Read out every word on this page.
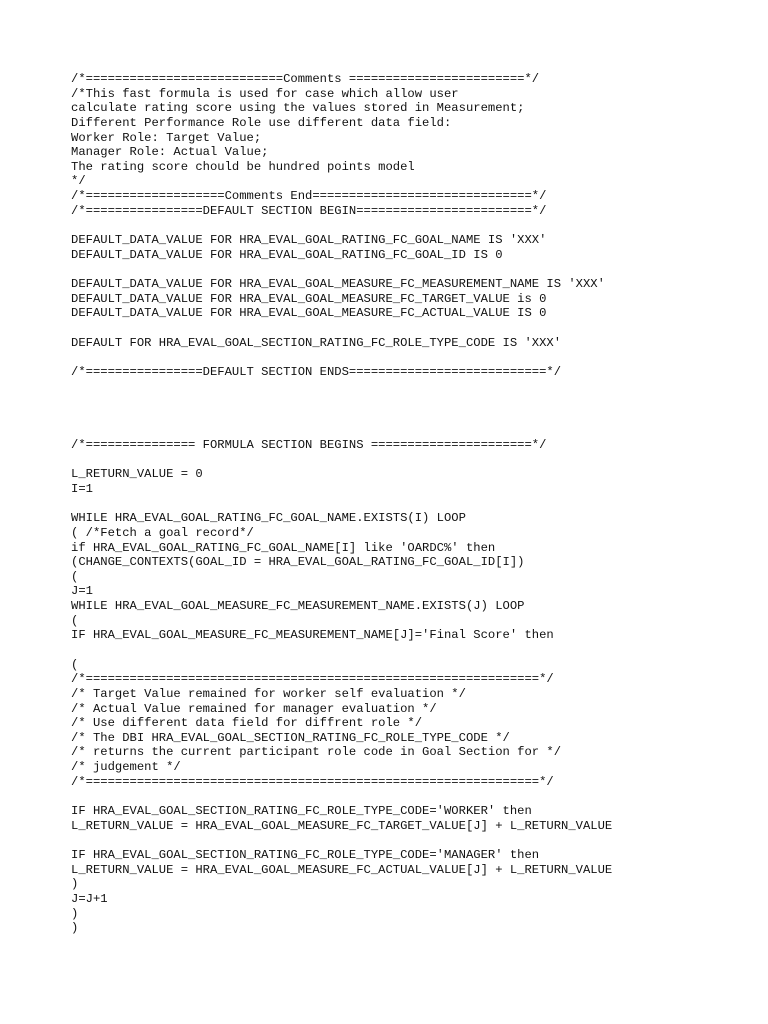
/*===========================Comments ========================*/
/*This fast formula is used for case which allow user
calculate rating score using the values stored in Measurement;
Different Performance Role use different data field:
Worker Role: Target Value;
Manager Role: Actual Value;
The rating score chould be hundred points model
*/
/*===================Comments End==============================*/
/*================DEFAULT SECTION BEGIN========================*/
DEFAULT_DATA_VALUE FOR HRA_EVAL_GOAL_RATING_FC_GOAL_NAME IS 'XXX'
DEFAULT_DATA_VALUE FOR HRA_EVAL_GOAL_RATING_FC_GOAL_ID IS 0
DEFAULT_DATA_VALUE FOR HRA_EVAL_GOAL_MEASURE_FC_MEASUREMENT_NAME IS 'XXX'
DEFAULT_DATA_VALUE FOR HRA_EVAL_GOAL_MEASURE_FC_TARGET_VALUE is 0
DEFAULT_DATA_VALUE FOR HRA_EVAL_GOAL_MEASURE_FC_ACTUAL_VALUE IS 0
DEFAULT FOR HRA_EVAL_GOAL_SECTION_RATING_FC_ROLE_TYPE_CODE IS 'XXX'
/*================DEFAULT SECTION ENDS===========================*/
/*=============== FORMULA SECTION BEGINS ======================*/
L_RETURN_VALUE = 0
I=1
WHILE HRA_EVAL_GOAL_RATING_FC_GOAL_NAME.EXISTS(I) LOOP
( /*Fetch a goal record*/
if HRA_EVAL_GOAL_RATING_FC_GOAL_NAME[I] like 'OARDC%' then
(CHANGE_CONTEXTS(GOAL_ID = HRA_EVAL_GOAL_RATING_FC_GOAL_ID[I])
(
J=1
WHILE HRA_EVAL_GOAL_MEASURE_FC_MEASUREMENT_NAME.EXISTS(J) LOOP
(
IF HRA_EVAL_GOAL_MEASURE_FC_MEASUREMENT_NAME[J]='Final Score' then
(
/*==============================================================*/
/* Target Value remained for worker self evaluation */
/* Actual Value remained for manager evaluation */
/* Use different data field for diffrent role */
/* The DBI HRA_EVAL_GOAL_SECTION_RATING_FC_ROLE_TYPE_CODE */
/* returns the current participant role code in Goal Section for */
/* judgement */
/*==============================================================*/
IF HRA_EVAL_GOAL_SECTION_RATING_FC_ROLE_TYPE_CODE='WORKER' then
L_RETURN_VALUE = HRA_EVAL_GOAL_MEASURE_FC_TARGET_VALUE[J] + L_RETURN_VALUE
IF HRA_EVAL_GOAL_SECTION_RATING_FC_ROLE_TYPE_CODE='MANAGER' then
L_RETURN_VALUE = HRA_EVAL_GOAL_MEASURE_FC_ACTUAL_VALUE[J] + L_RETURN_VALUE
)
J=J+1
)
)
